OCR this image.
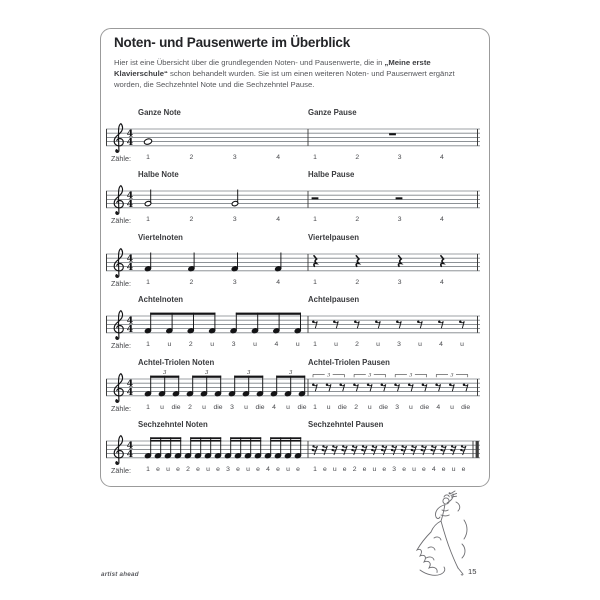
Noten- und Pausenwerte im Überblick
Hier ist eine Übersicht über die grundlegenden Noten- und Pausenwerte, die in „Meine erste Klavierschule“ schon behandelt wurden. Sie ist um einen weiteren Noten- und Pausenwert ergänzt worden, die Sechzehntel Note und die Sechzehntel Pause.
Ganze Note	Ganze Pause
4
4
Zähle:	1	2	3	4	1	2	3	4
Halbe Note	Halbe Pause
4
4
Zähle:	1	2	3	4	1	2	3	4
Viertelnoten	Viertelpausen
4
4
Zähle:	1	2	3	4	1	2	3	4
Achtelnoten	Achtelpausen
4
4
Zähle:	1	u	2	u	3	u	4	u	1	u	2	u	3	u	4	u
Achtel-Triolen Noten	Achtel-Triolen Pausen
4
4
3	3	3	3	3	3	3	3
Zähle:	1	u	die	2	u	die	3	u	die	4	u	die 1	u	die	2	u	die	3	u	die	4	u	die
Sechzehntel Noten	Sechzehntel Pausen
4
4
Zähle:	1 e u e 2 e u e 3 e u e 4 e u e	1 e u e 2 e u e 3 e u e 4 e u e
artist ahead	15
